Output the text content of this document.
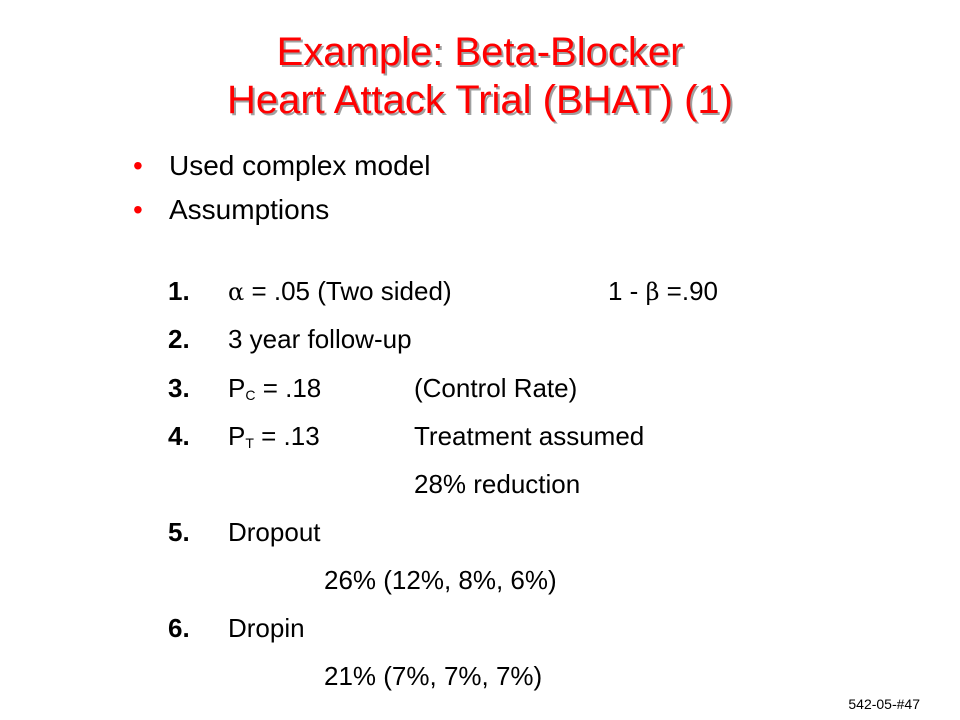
Example: Beta-Blocker
Heart Attack Trial (BHAT) (1)
• Used complex model
• Assumptions
1. α = .05 (Two sided)	1 - β =.90
2. 3 year follow-up
3. $P_C = .18$	(Control Rate)
4. $P_T = .13$	Treatment assumed
28% reduction
5. Dropout
26% (12%, 8%, 6%)
6. Dropin
21% (7%, 7%, 7%)
542-05-#47
